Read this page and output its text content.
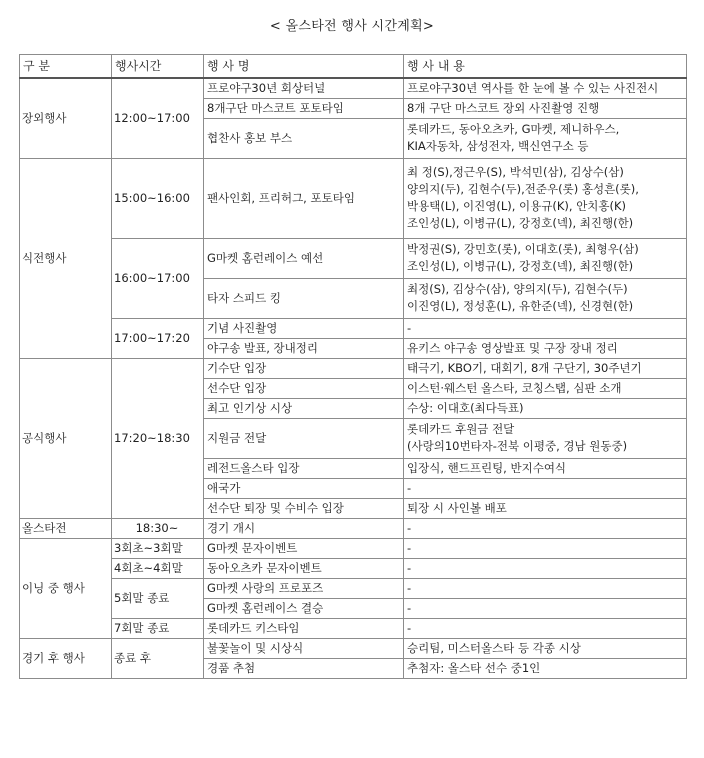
< 올스타전 행사 시간계획>
구 분	행사시간	행 사 명	행 사 내 용
장외행사	12:00~17:00	프로야구30년 회상터널	프로야구30년 역사를 한 눈에 볼 수 있는 사진전시

		8개구단 마스코트 포토타임	8개 구단 마스코트 장외 사진촬영 진행

		협찬사 홍보 부스	롯데카드, 동아오츠카, G마켓, 제니하우스,
KIA자동차, 삼성전자, 백신연구소 등

식전행사	15:00~16:00	팬사인회, 프리허그, 포토타임	최 정(S),정근우(S), 박석민(삼), 김상수(삼)
양의지(두), 김현수(두),전준우(롯) 홍성흔(롯),
박용택(L), 이진영(L), 이용규(K), 안치홍(K)
조인성(L), 이병규(L), 강정호(넥), 최진행(한)

	16:00~17:00	G마켓 홈런레이스 예선	박정권(S), 강민호(롯), 이대호(롯), 최형우(삼)
조인성(L), 이병규(L), 강정호(넥), 최진행(한)

		타자 스피드 킹	최정(S), 김상수(삼), 양의지(두), 김현수(두)
이진영(L), 정성훈(L), 유한준(넥), 신경현(한)

	17:00~17:20	기념 사진촬영	-

		야구송 발표, 장내정리	유키스 야구송 영상발표 및 구장 장내 정리

공식행사	17:20~18:30	기수단 입장	태극기, KBO기, 대회기, 8개 구단기, 30주년기

		선수단 입장	이스턴·웨스턴 올스타, 코칭스탭, 심판 소개

		최고 인기상 시상	수상: 이대호(최다득표)

		지원금 전달	롯데카드 후원금 전달
(사랑의10번타자-전북 이평중, 경남 원동중)

		레전드올스타 입장	입장식, 핸드프린팅, 반지수여식

		애국가	-

		선수단 퇴장 및 수비수 입장	퇴장 시 사인볼 배포

올스타전	18:30~	경기 개시	-

이닝 중 행사	3회초~3회말	G마켓 문자이벤트	-

	4회초~4회말	동아오츠카 문자이벤트	-

	5회말 종료	G마켓 사랑의 프로포즈	-

		G마켓 홈런레이스 결승	-

	7회말 종료	롯데카드 키스타임	-

경기 후 행사	종료 후	불꽃놀이 및 시상식	승리팀, 미스터올스타 등 각종 시상

		경품 추첨	추첨자: 올스타 선수 중1인
